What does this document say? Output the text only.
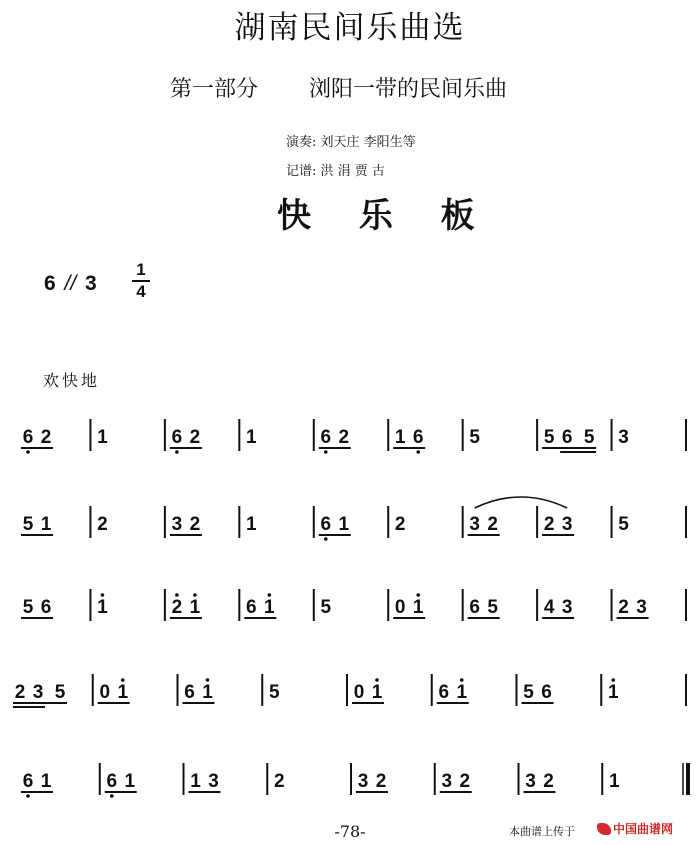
湖南民间乐曲选
第一部分 浏阳一带的民间乐曲
演奏: 刘天庄 李阳生等
记谱: 洪 涓 贾 古
快 乐 板
6 // 3
1
4
欢快地
6 2 1	6 2 1	6 2 1 6 5	5 6 5 3
5 1 2	3 2 1	6 1 2	3 2 2 3 5
5 6 1	2 1 6 1 5	0 1 6 5 4 3 2 3
2 3 5 0 1	6 1	5	0 1	6 1	5 6	1
6 1	6 1	1 3	2	3 2	3 2	3 2	1
-78-	本曲谱上传于	中国 曲谱网
